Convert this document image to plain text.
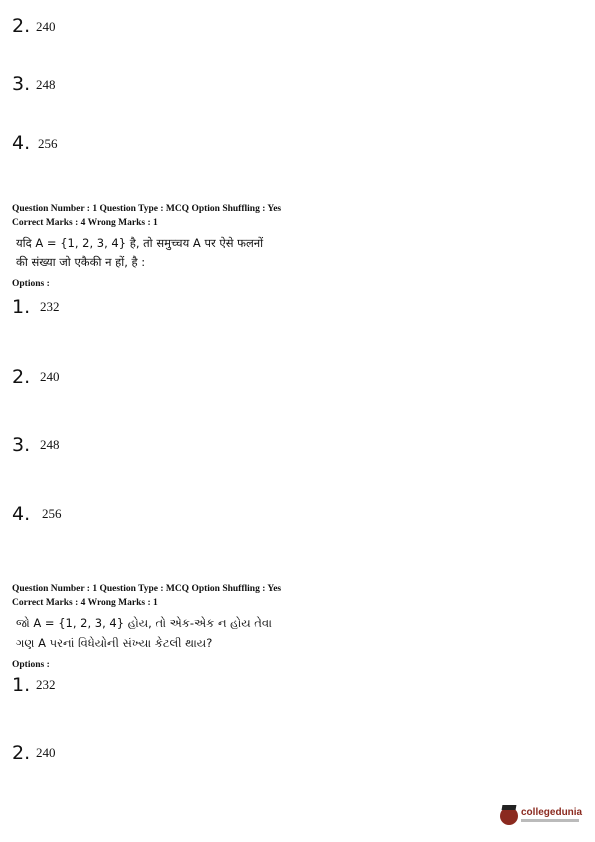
2. 240
3. 248
4. 256
Question Number : 1 Question Type : MCQ Option Shuffling : Yes
Correct Marks : 4 Wrong Marks : 1
यदि A = {1, 2, 3, 4} है, तो समुच्चय A पर ऐसे फलनों
की संख्या जो एकैकी न हों, है :
Options :
1. 232
2. 240
3. 248
4. 256
Question Number : 1 Question Type : MCQ Option Shuffling : Yes
Correct Marks : 4 Wrong Marks : 1
જો A = {1, 2, 3, 4} હોય, તો એક-એક ન હોય તેવા
ગણ A પરનાં વિધેયોની સંખ્યા કેટલી થાય?
Options :
1. 232
2. 240
collegedunia
